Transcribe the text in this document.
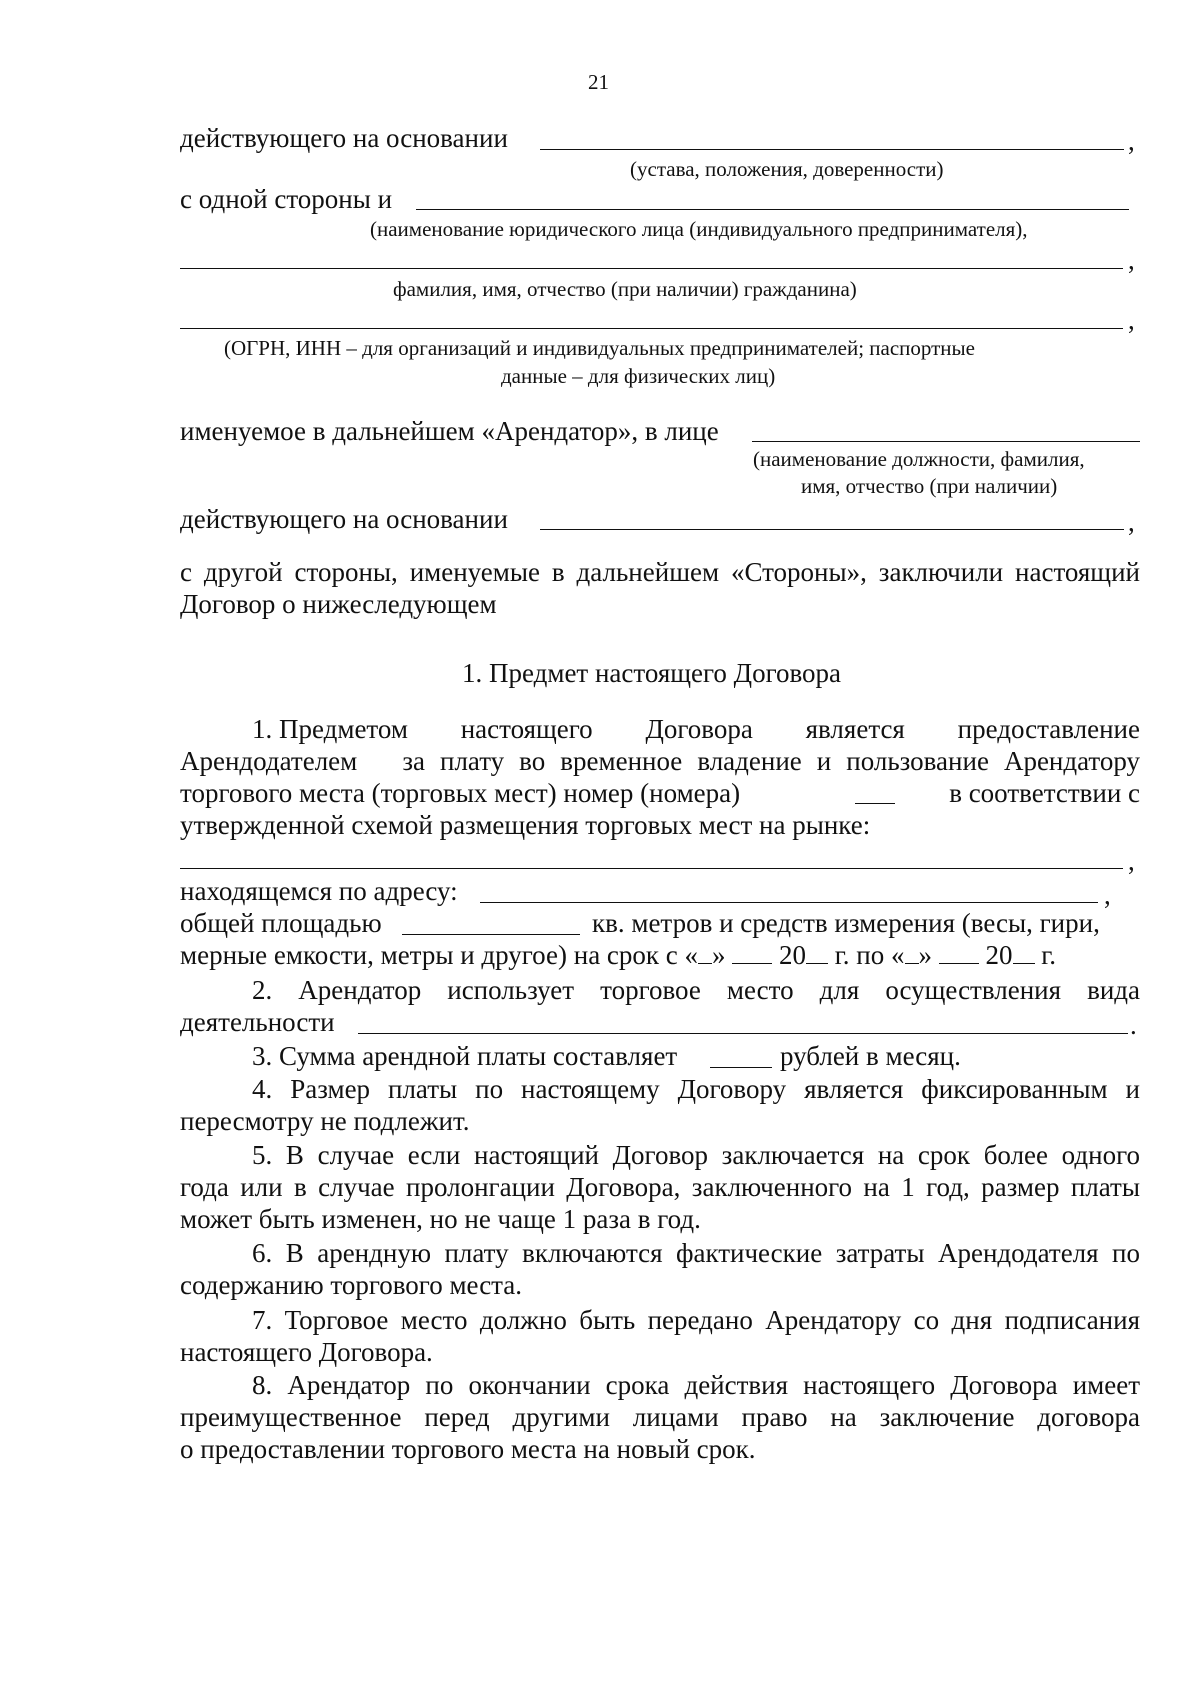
21
действующего на основании	,
(устава, положения, доверенности)
с одной стороны и
(наименование юридического лица (индивидуального предпринимателя),
,
фамилия, имя, отчество (при наличии) гражданина)
,
(ОГРН, ИНН – для организаций и индивидуальных предпринимателей; паспортные
данные – для физических лиц)
именуемое в дальнейшем «Арендатор», в лице
(наименование должности, фамилия,
имя, отчество (при наличии)
действующего на основании	,
с другой стороны, именуемые в дальнейшем «Стороны», заключили настоящий
Договор о нижеследующем
1. Предмет настоящего Договора
1. Предметом настоящего Договора является предоставление
Арендодателем   за плату во временное владение и пользование Арендатору
торгового места (торговых мест) номер (номера)	в соответствии с
утвержденной схемой размещения торговых мест на рынке:
,
находящемся по адресу:	,
общей площадью	кв. метров и средств измерения (весы, гири,
мерные емкости, метры и другое) на срок с « » 20 г. по « » 20 г.
2. Арендатор использует торговое место для осуществления вида
деятельности	.
3. Сумма арендной платы составляет	рублей в месяц.
4. Размер платы по настоящему Договору является фиксированным и
пересмотру не подлежит.
5. В случае если настоящий Договор заключается на срок более одного
года или в случае пролонгации Договора, заключенного на 1 год, размер платы
может быть изменен, но не чаще 1 раза в год.
6. В арендную плату включаются фактические затраты Арендодателя по
содержанию торгового места.
7. Торговое место должно быть передано Арендатору со дня подписания
настоящего Договора.
8. Арендатор по окончании срока действия настоящего Договора имеет
преимущественное перед другими лицами право на заключение договора
о предоставлении торгового места на новый срок.
